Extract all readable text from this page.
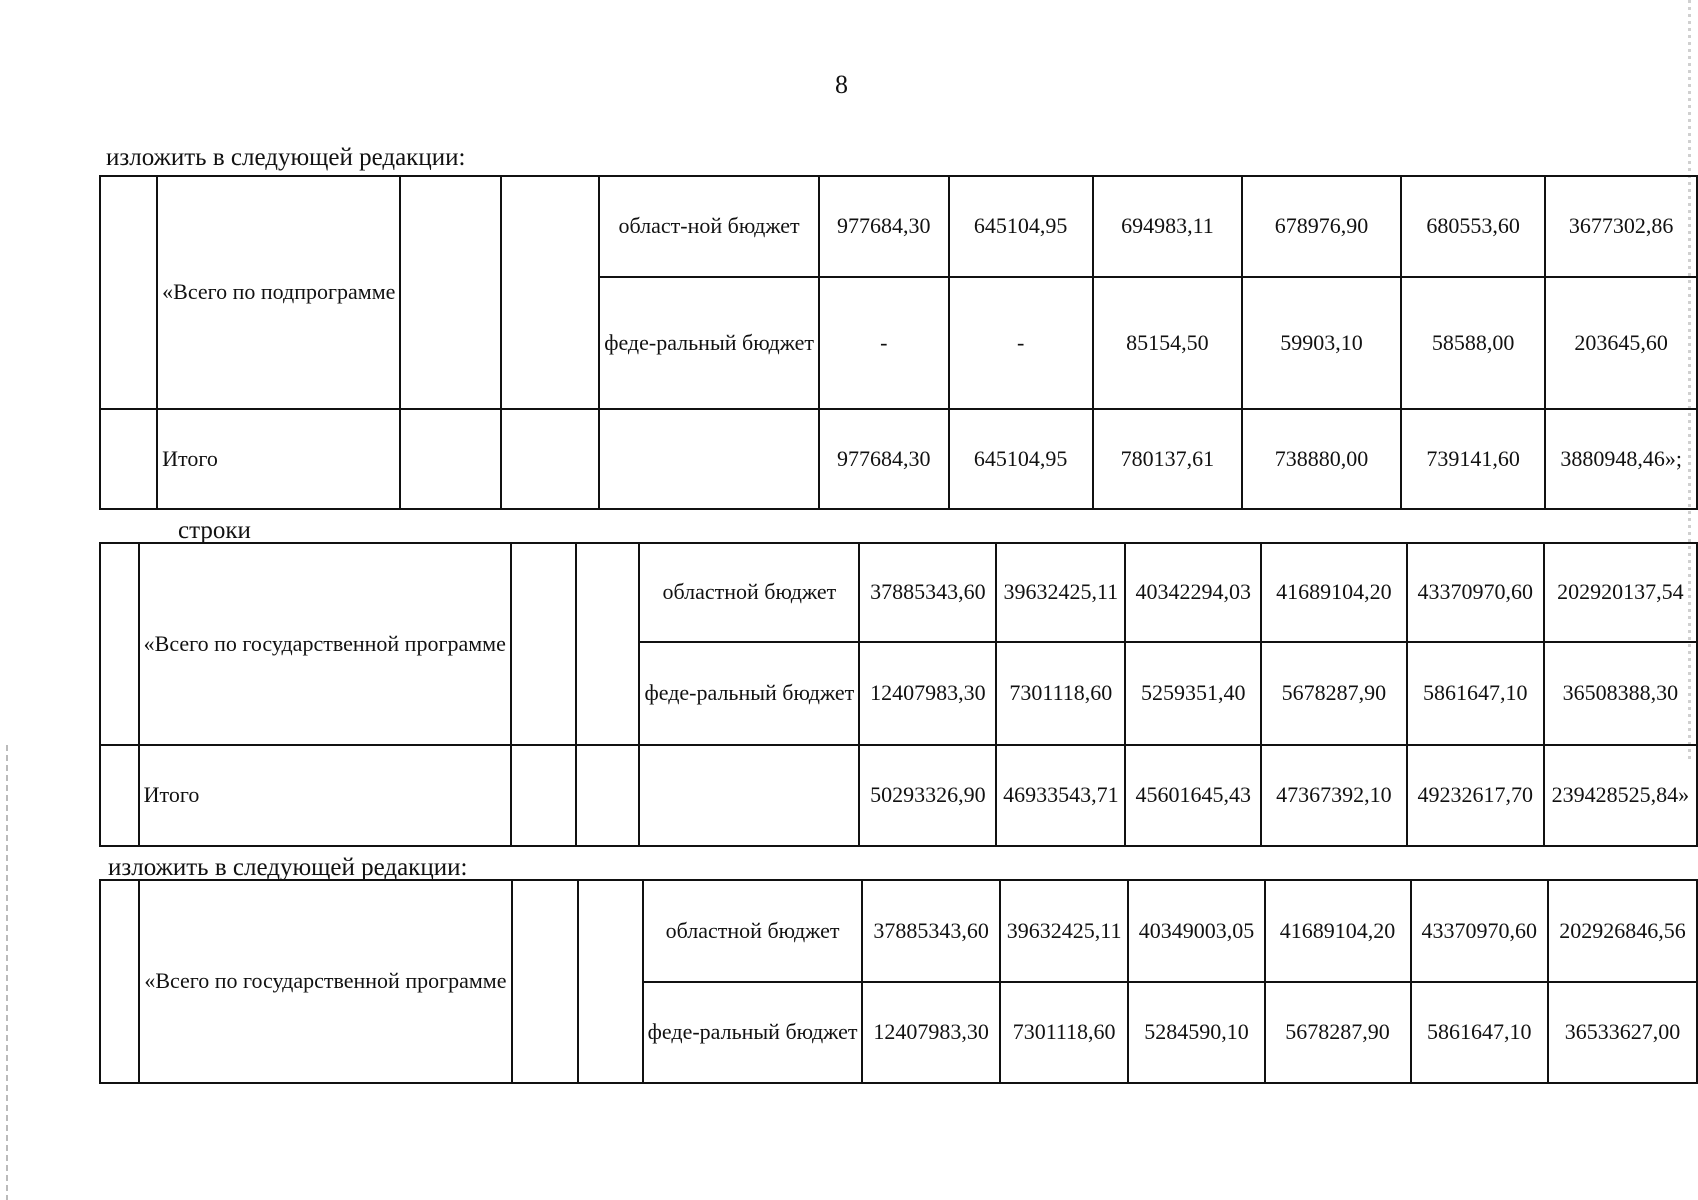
8
изложить в следующей редакции:
	«Всего по подпрограмме			област-ной бюджет	977684,30	645104,95	694983,11	678976,90	680553,60	3677302,86
				феде-ральный бюджет	-	-	85154,50	59903,10	58588,00	203645,60
	Итого				977684,30	645104,95	780137,61	738880,00	739141,60	3880948,46»;
строки
	«Всего по государственной программе			областной бюджет	37885343,60	39632425,11	40342294,03	41689104,20	43370970,60	202920137,54
				феде-ральный бюджет	12407983,30	7301118,60	5259351,40	5678287,90	5861647,10	36508388,30
	Итого				50293326,90	46933543,71	45601645,43	47367392,10	49232617,70	239428525,84»
изложить в следующей редакции:
	«Всего по государственной программе			областной бюджет	37885343,60	39632425,11	40349003,05	41689104,20	43370970,60	202926846,56
				феде-ральный бюджет	12407983,30	7301118,60	5284590,10	5678287,90	5861647,10	36533627,00
